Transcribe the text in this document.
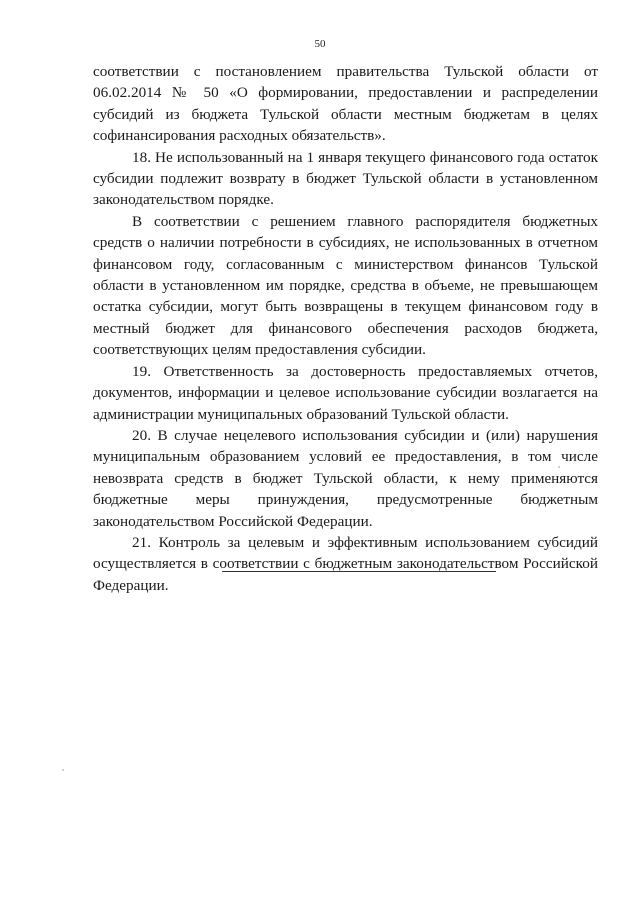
50

соответствии с постановлением правительства Тульской области от 06.02.2014 № 50 «О формировании, предоставлении и распределении субсидий из бюджета Тульской области местным бюджетам в целях софинансирования расходных обязательств».

18. Не использованный на 1 января текущего финансового года остаток субсидии подлежит возврату в бюджет Тульской области в установленном законодательством порядке.

В соответствии с решением главного распорядителя бюджетных средств о наличии потребности в субсидиях, не использованных в отчетном финансовом году, согласованным с министерством финансов Тульской области в установленном им порядке, средства в объеме, не превышающем остатка субсидии, могут быть возвращены в текущем финансовом году в местный бюджет для финансового обеспечения расходов бюджета, соответствующих целям предоставления субсидии.

19. Ответственность за достоверность предоставляемых отчетов, документов, информации и целевое использование субсидии возлагается на администрации муниципальных образований Тульской области.

20. В случае нецелевого использования субсидии и (или) нарушения муниципальным образованием условий ее предоставления, в том числе невозврата средств в бюджет Тульской области, к нему применяются бюджетные меры принуждения, предусмотренные бюджетным законодательством Российской Федерации.

21. Контроль за целевым и эффективным использованием субсидий осуществляется в соответствии с бюджетным законодательством Российской Федерации.
